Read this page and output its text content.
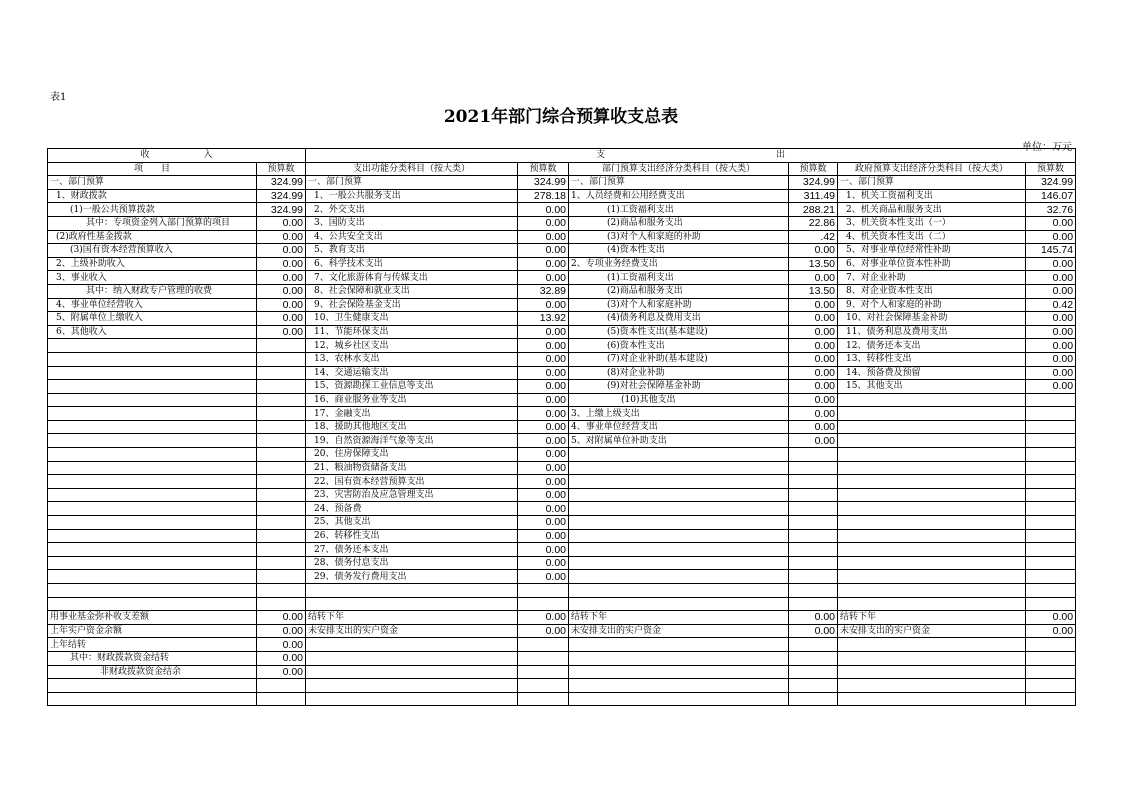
表1
2021年部门综合预算收支总表
单位：万元
收　　　　　　入		支　　　　　　　　　　　　　　　　　　　出					
项　　目	预算数	支出功能分类科目（按大类）	预算数	部门预算支出经济分类科目（按大类）	预算数	政府预算支出经济分类科目（按大类）	预算数
一、部门预算	324.99	一、部门预算	324.99	一、部门预算	324.99	一、部门预算	324.99
1、财政拨款	324.99	1、一般公共服务支出	278.18	1、人员经费和公用经费支出	311.49	1、机关工资福利支出	146.07
(1)一般公共预算拨款	324.99	2、外交支出	0.00	(1)工资福利支出	288.21	2、机关商品和服务支出	32.76
其中：专项资金列入部门预算的项目	0.00	3、国防支出	0.00	(2)商品和服务支出	22.86	3、机关资本性支出（一）	0.00
(2)政府性基金拨款	0.00	4、公共安全支出	0.00	(3)对个人和家庭的补助	.42	4、机关资本性支出（二）	0.00
(3)国有资本经营预算收入	0.00	5、教育支出	0.00	(4)资本性支出	0.00	5、对事业单位经常性补助	145.74
2、上级补助收入	0.00	6、科学技术支出	0.00	2、专项业务经费支出	13.50	6、对事业单位资本性补助	0.00
3、事业收入	0.00	7、文化旅游体育与传媒支出	0.00	(1)工资福利支出	0.00	7、对企业补助	0.00
其中：纳入财政专户管理的收费	0.00	8、社会保障和就业支出	32.89	(2)商品和服务支出	13.50	8、对企业资本性支出	0.00
4、事业单位经营收入	0.00	9、社会保险基金支出	0.00	(3)对个人和家庭补助	0.00	9、对个人和家庭的补助	0.42
5、附属单位上缴收入	0.00	10、卫生健康支出	13.92	(4)债务利息及费用支出	0.00	10、对社会保障基金补助	0.00
6、其他收入	0.00	11、节能环保支出	0.00	(5)资本性支出(基本建设)	0.00	11、债务利息及费用支出	0.00
		12、城乡社区支出	0.00	(6)资本性支出	0.00	12、债务还本支出	0.00
		13、农林水支出	0.00	(7)对企业补助(基本建设)	0.00	13、转移性支出	0.00
		14、交通运输支出	0.00	(8)对企业补助	0.00	14、预备费及预留	0.00
		15、资源勘探工业信息等支出	0.00	(9)对社会保障基金补助	0.00	15、其他支出	0.00
		16、商业服务业等支出	0.00	(10)其他支出	0.00		
		17、金融支出	0.00	3、上缴上级支出	0.00		
		18、援助其他地区支出	0.00	4、事业单位经营支出	0.00		
		19、自然资源海洋气象等支出	0.00	5、对附属单位补助支出	0.00		
		20、住房保障支出	0.00				
		21、粮油物资储备支出	0.00				
		22、国有资本经营预算支出	0.00				
		23、灾害防治及应急管理支出	0.00				
		24、预备费	0.00				
		25、其他支出	0.00				
		26、转移性支出	0.00				
		27、债务还本支出	0.00				
		28、债务付息支出	0.00				
		29、债务发行费用支出	0.00				

用事业基金弥补收支差额	0.00	结转下年	0.00	结转下年	0.00	结转下年	0.00
上年实户资金余额	0.00	未安排支出的实户资金	0.00	未安排支出的实户资金	0.00	未安排支出的实户资金	0.00
上年结转	0.00						
其中：财政拨款资金结转	0.00						
非财政拨款资金结余	0.00						
